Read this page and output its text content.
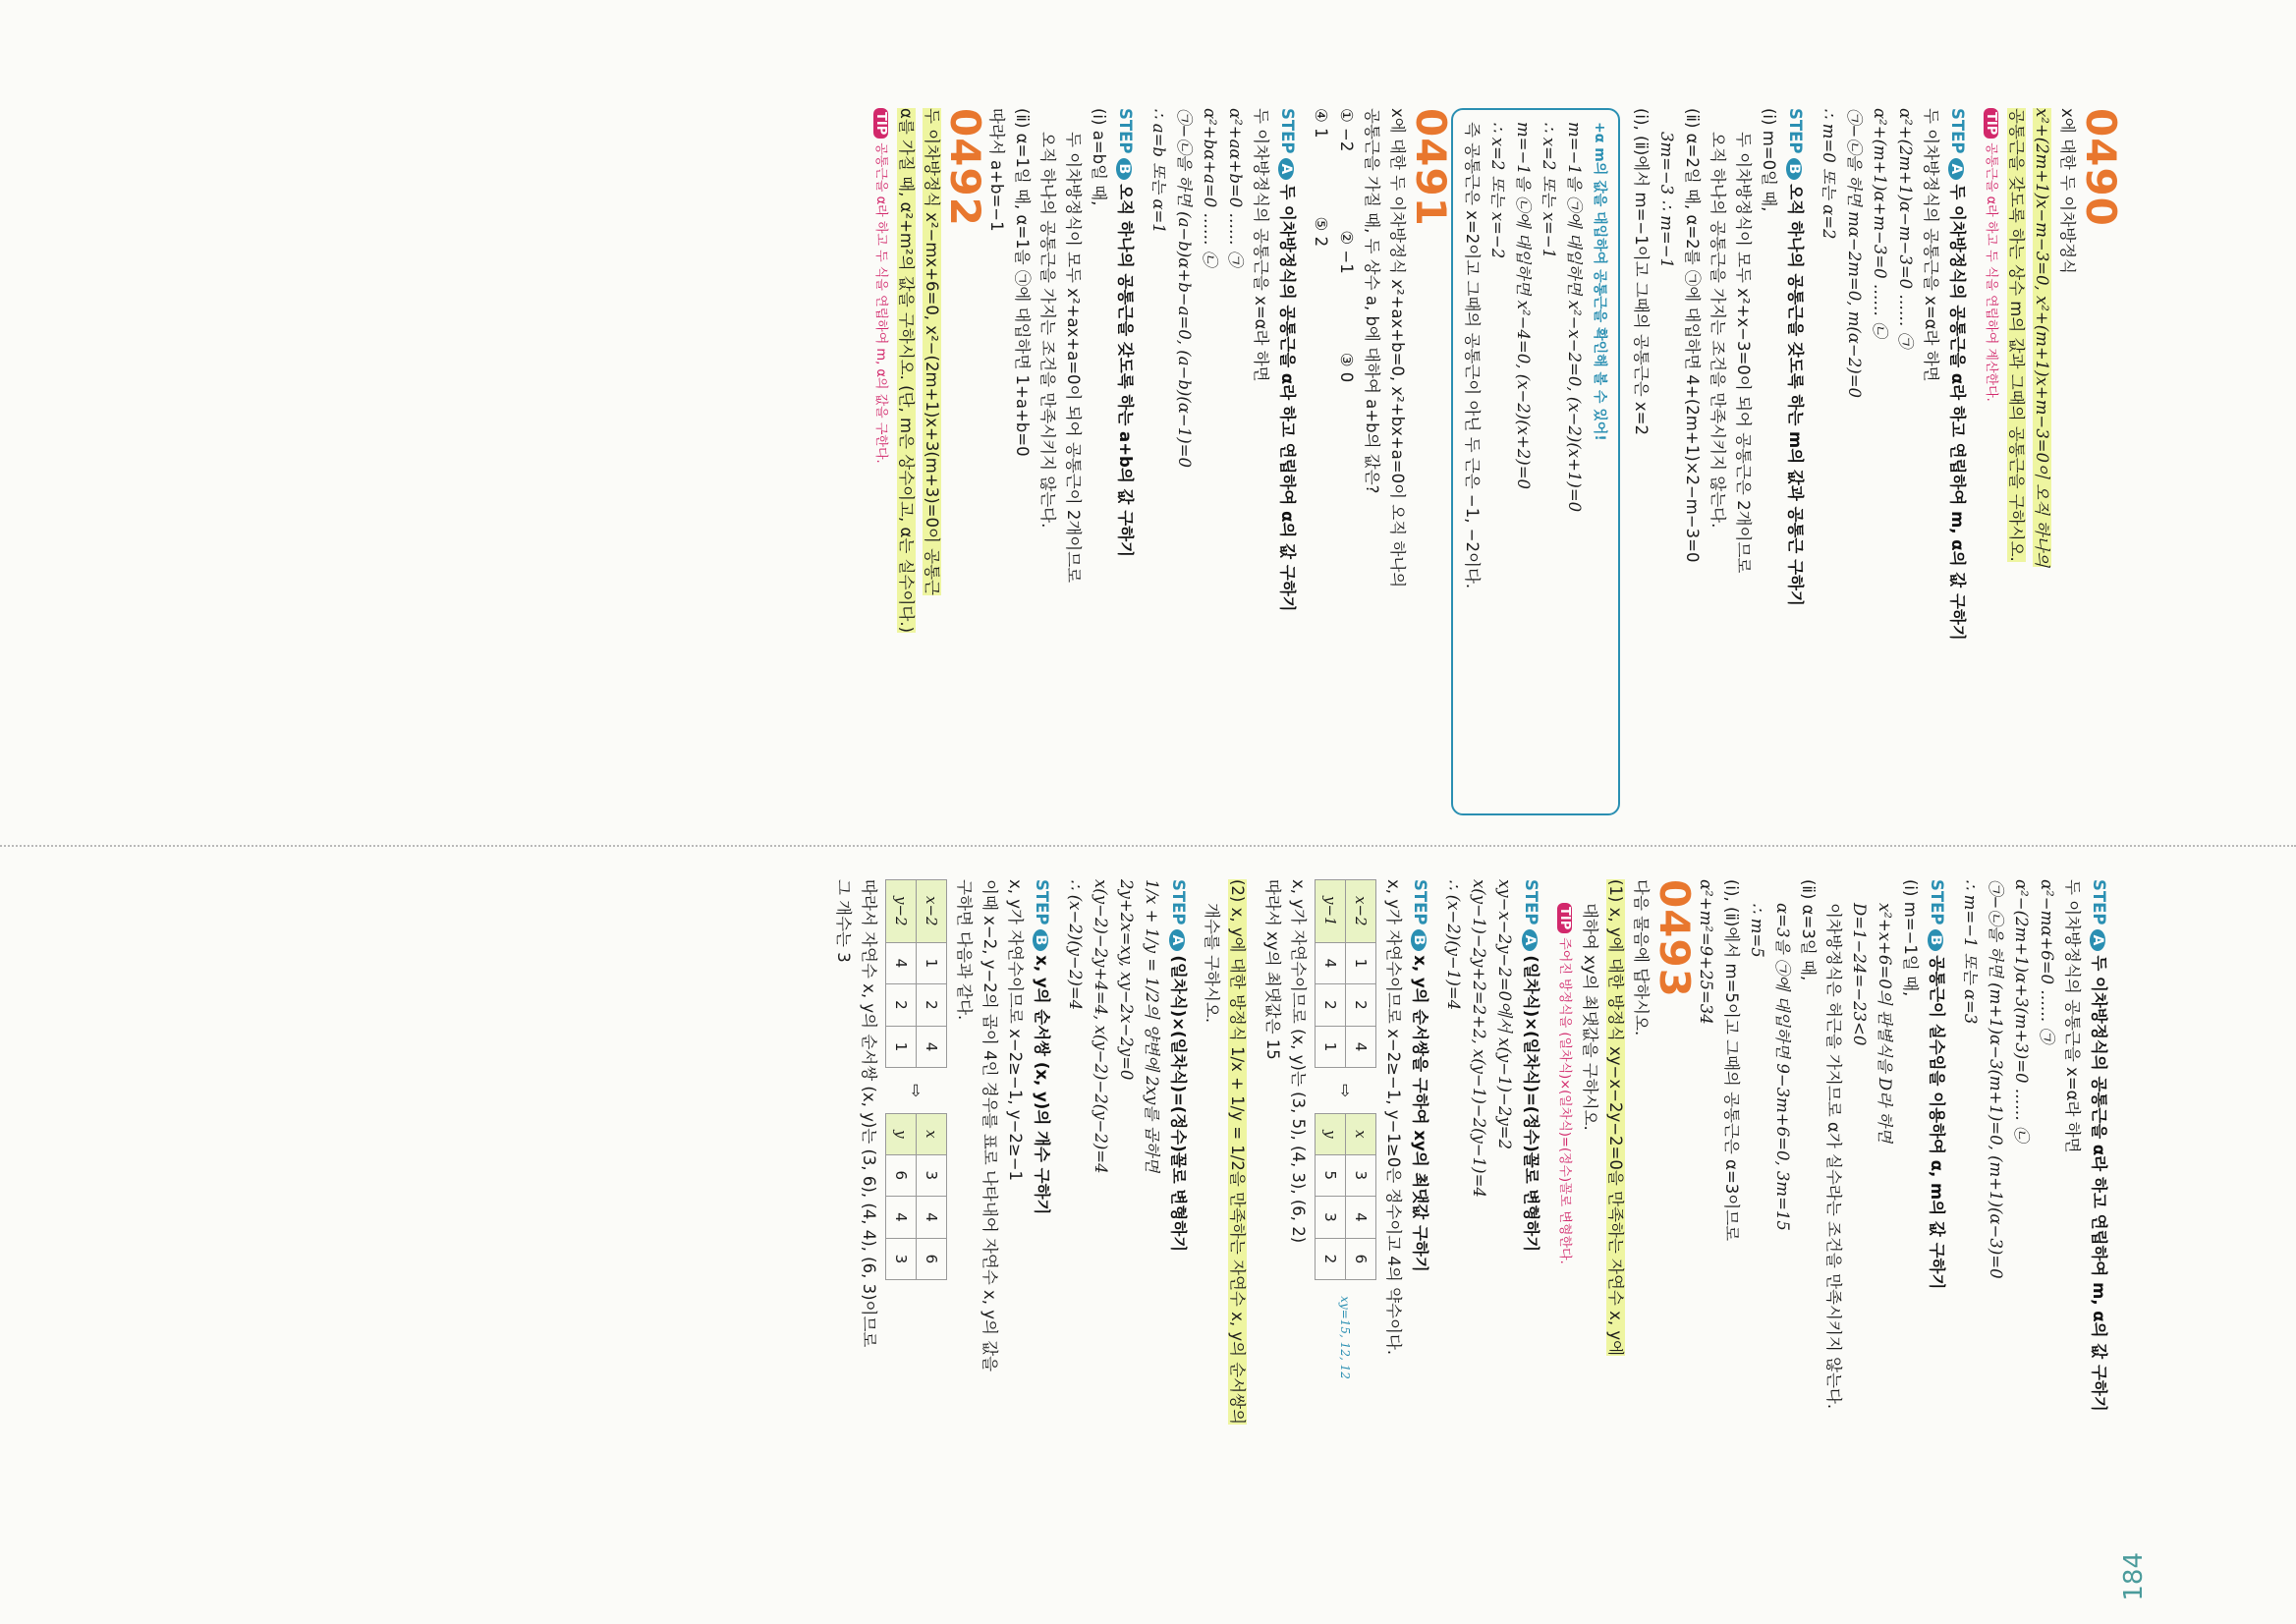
184
0490
x에 대한 두 이차방정식
x²+(2m+1)x−m−3=0, x²+(m+1)x+m−3=0이 오직 하나의
공통근을 갖도록 하는 상수 m의 값과 그때의 공통근을 구하시오.
TIP공통근을 α라 하고 두 식을 연립하여 계산한다.
STEPA두 이차방정식의 공통근을 α라 하고 연립하여 m, α의 값 구하기
두 이차방정식의 공통근을 x=α라 하면
α²+(2m+1)α−m−3=0 …… ㉠
α²+(m+1)α+m−3=0 …… ㉡
㉠−㉡을 하면 mα−2m=0, m(α−2)=0
∴ m=0 또는 α=2
STEPB오직 하나의 공통근을 갖도록 하는 m의 값과 공통근 구하기
(ⅰ) m=0일 때,
두 이차방정식이 모두 x²+x−3=0이 되어 공통근은 2개이므로
오직 하나의 공통근을 가지는 조건을 만족시키지 않는다.
(ⅱ) α=2일 때, α=2를 ㉠에 대입하면 4+(2m+1)×2−m−3=0
3m=−3 ∴ m=−1
(ⅰ), (ⅱ)에서 m=−1이고 그때의 공통근은 x=2
+α m의 값을 대입하여 공통근을 확인해 볼 수 있어!
m=−1을 ㉠에 대입하면 x²−x−2=0, (x−2)(x+1)=0
∴ x=2 또는 x=−1
m=−1을 ㉡에 대입하면 x²−4=0, (x−2)(x+2)=0
∴ x=2 또는 x=−2
즉 공통근은 x=2이고 그때의 공통근이 아닌 두 근은 −1, −2이다.
0491
x에 대한 두 이차방정식 x²+ax+b=0, x²+bx+a=0이 오직 하나의
공통근을 가질 때, 두 상수 a, b에 대하여 a+b의 값은?
① −2
② −1
③ 0
④ 1
⑤ 2
STEPA두 이차방정식의 공통근을 α라 하고 연립하여 α의 값 구하기
두 이차방정식의 공통근을 x=α라 하면
α²+aα+b=0 …… ㉠
α²+bα+a=0 …… ㉡
㉠−㉡을 하면 (a−b)α+b−a=0, (a−b)(α−1)=0
∴ a=b 또는 α=1
STEPB오직 하나의 공통근을 갖도록 하는 a+b의 값 구하기
(ⅰ) a=b일 때,
두 이차방정식이 모두 x²+ax+a=0이 되어 공통근이 2개이므로
오직 하나의 공통근을 가지는 조건을 만족시키지 않는다.
(ⅱ) α=1일 때, α=1을 ㉠에 대입하면 1+a+b=0
따라서 a+b=−1
0492
두 이차방정식 x²−mx+6=0, x²−(2m+1)x+3(m+3)=0이 공통근
α를 가질 때, α²+m²의 값을 구하시오. (단, m은 상수이고, α는 실수이다.)
TIP공통근을 α라 하고 두 식을 연립하여 m, α의 값을 구한다.
STEPA두 이차방정식의 공통근을 α라 하고 연립하여 m, α의 값 구하기
두 이차방정식의 공통근을 x=α라 하면
α²−mα+6=0 …… ㉠
α²−(2m+1)α+3(m+3)=0 …… ㉡
㉠−㉡을 하면 (m+1)α−3(m+1)=0, (m+1)(α−3)=0
∴ m=−1 또는 α=3
STEPB공통근이 실수임을 이용하여 α, m의 값 구하기
(ⅰ) m=−1일 때,
x²+x+6=0의 판별식을 D라 하면
D=1−24=−23<0
이차방정식은 허근을 가지므로 α가 실수라는 조건을 만족시키지 않는다.
(ⅱ) α=3일 때,
α=3을 ㉠에 대입하면 9−3m+6=0, 3m=15
∴ m=5
(ⅰ), (ⅱ)에서 m=5이고 그때의 공통근은 α=3이므로
α²+m²=9+25=34
0493
다음 물음에 답하시오.
(1) x, y에 대한 방정식 xy−x−2y−2=0을 만족하는 자연수 x, y에
대하여 xy의 최댓값을 구하시오.
TIP주어진 방정식을 (일차식)×(일차식)=(정수)꼴로 변형한다.
STEPA(일차식)×(일차식)=(정수)꼴로 변형하기
xy−x−2y−2=0에서 x(y−1)−2y=2
x(y−1)−2y+2=2+2, x(y−1)−2(y−1)=4
∴ (x−2)(y−1)=4
STEPBx, y의 순서쌍을 구하여 xy의 최댓값 구하기
x, y가 자연수이므로 x−2≥−1, y−1≥0은 정수이고 4의 약수이다.
x−2	1	2	4
y−1	4	2	1
⇨
x	3	4	6
y	5	3	2
xy=15, 12, 12
x, y가 자연수이므로 (x, y)는 (3, 5), (4, 3), (6, 2)
따라서 xy의 최댓값은 15
(2) x, y에 대한 방정식 1/x + 1/y = 1/2을 만족하는 자연수 x, y의 순서쌍의
개수를 구하시오.
STEPA(일차식)×(일차식)=(정수)꼴로 변형하기
1/x + 1/y = 1/2의 양변에 2xy를 곱하면
2y+2x=xy, xy−2x−2y=0
x(y−2)−2y+4=4, x(y−2)−2(y−2)=4
∴ (x−2)(y−2)=4
STEPBx, y의 순서쌍 (x, y)의 개수 구하기
x, y가 자연수이므로 x−2≥−1, y−2≥−1
이때 x−2, y−2의 곱이 4인 경우를 표로 나타내어 자연수 x, y의 값을
구하면 다음과 같다.
x−2	1	2	4
y−2	4	2	1
⇨
x	3	4	6
y	6	4	3
따라서 자연수 x, y의 순서쌍 (x, y)는 (3, 6), (4, 4), (6, 3)이므로
그 개수는 3
